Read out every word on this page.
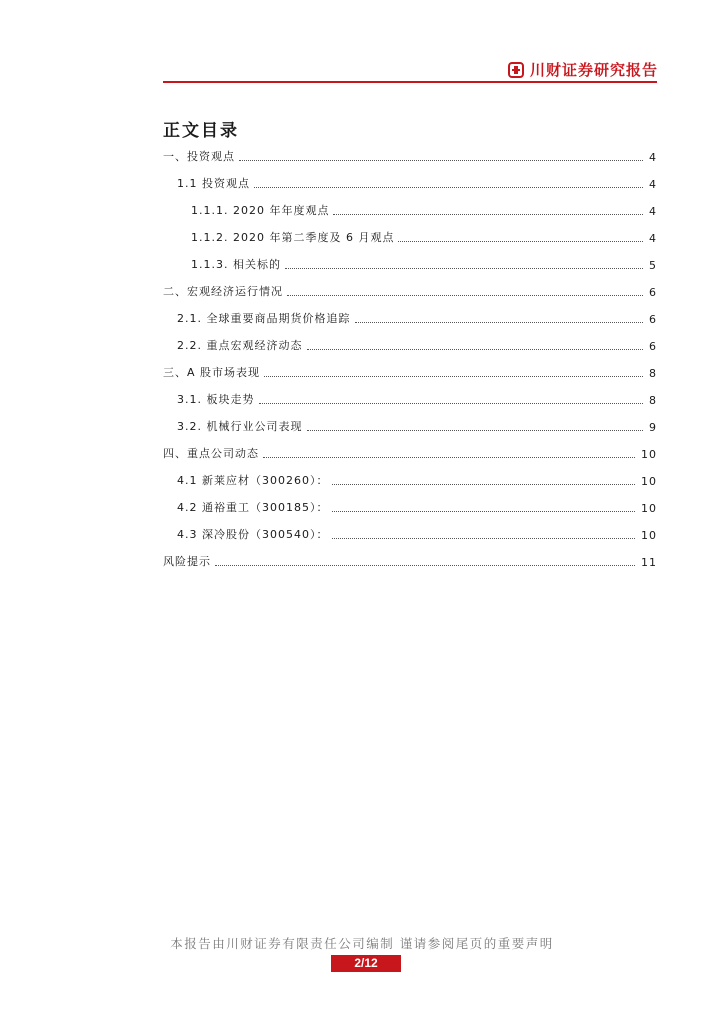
川财证券研究报告
正文目录
一、投资观点	4
1.1 投资观点	4
1.1.1. 2020 年年度观点	4
1.1.2. 2020 年第二季度及 6 月观点	4
1.1.3. 相关标的	5
二、宏观经济运行情况	6
2.1. 全球重要商品期货价格追踪	6
2.2. 重点宏观经济动态	6
三、A 股市场表现	8
3.1. 板块走势	8
3.2. 机械行业公司表现	9
四、重点公司动态	10
4.1 新莱应材（300260）：	10
4.2 通裕重工（300185）：	10
4.3 深冷股份（300540）：	10
风险提示	11
本报告由川财证券有限责任公司编制 谨请参阅尾页的重要声明
2/12
